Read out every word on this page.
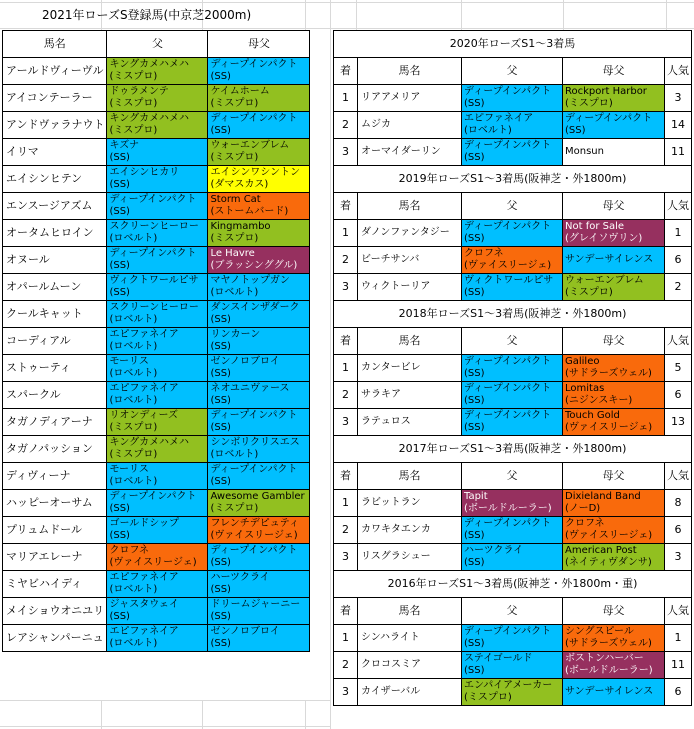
2021年ローズS登録馬(中京芝2000m)
馬名	父	母父
アールドヴィーヴル	キングカメハメハ
(ミスプロ)	ディープインパクト
(SS)

アイコンテーラー	ドゥラメンテ
(ミスプロ)	ケイムホーム
(ミスプロ)

アンドヴァラナウト	キングカメハメハ
(ミスプロ)	ディープインパクト
(SS)

イリマ	キズナ
(SS)	ウォーエンブレム
(ミスプロ)

エイシンヒテン	エイシンヒカリ
(SS)	エイシンワシントン
(ダマスカス)

エンスージアズム	ディープインパクト
(SS)	Storm Cat
(ストームバード)

オータムヒロイン	スクリーンヒーロー
(ロベルト)	Kingmambo
(ミスプロ)

オヌール	ディープインパクト
(SS)	Le Havre
(ブラッシンググル)

オパールムーン	ヴィクトワールピサ
(SS)	マヤノトップガン
(ロベルト)

クールキャット	スクリーンヒーロー
(ロベルト)	ダンスインザダーク
(SS)

コーディアル	エピファネイア
(ロベルト)	リンカーン
(SS)

ストゥーティ	モーリス
(ロベルト)	ゼンノロブロイ
(SS)

スパークル	エピファネイア
(ロベルト)	ネオユニヴァース
(SS)

タガノディアーナ	リオンディーズ
(ミスプロ)	ディープインパクト
(SS)

タガノパッション	キングカメハメハ
(ミスプロ)	シンボリクリスエス
(ロベルト)

ディヴィーナ	モーリス
(ロベルト)	ディープインパクト
(SS)

ハッピーオーサム	ディープインパクト
(SS)	Awesome Gambler
(ミスプロ)

プリュムドール	ゴールドシップ
(SS)	フレンチデピュティ
(ヴァイスリージェ)

マリアエレーナ	クロフネ
(ヴァイスリージェ)	ディープインパクト
(SS)

ミヤビハイディ	エピファネイア
(ロベルト)	ハーツクライ
(SS)

メイショウオニユリ	ジャスタウェイ
(SS)	ドリームジャーニー
(SS)

レアシャンパーニュ	エピファネイア
(ロベルト)	ゼンノロブロイ
(SS)
2020年ローズS1～3着馬				
着	馬名	父	母父	人気
1	リアアメリア	ディープインパクト
(SS)	Rockport Harbor
(ミスプロ)	3
2	ムジカ	エピファネイア
(ロベルト)	ディープインパクト
(SS)	14
3	オーマイダーリン	ディープインパクト
(SS)	Monsun	11
2019年ローズS1～3着馬(阪神芝・外1800m)				
着	馬名	父	母父	人気
1	ダノンファンタジー	ディープインパクト
(SS)	Not for Sale
(グレイソヴリン)	1
2	ビーチサンバ	クロフネ
(ヴァイスリージェ)	サンデーサイレンス	6
3	ウィクトーリア	ヴィクトワールピサ
(SS)	ウォーエンブレム
(ミスプロ)	2
2018年ローズS1～3着馬(阪神芝・外1800m)				
着	馬名	父	母父	人気
1	カンタービレ	ディープインパクト
(SS)	Galileo
(サドラーズウェル)	5
2	サラキア	ディープインパクト
(SS)	Lomitas
(ニジンスキー)	6
3	ラテュロス	ディープインパクト
(SS)	Touch Gold
(ヴァイスリージェ)	13
2017年ローズS1～3着馬(阪神芝・外1800m)				
着	馬名	父	母父	人気
1	ラビットラン	Tapit
(ボールドルーラー)	Dixieland Band
(ノーD)	8
2	カワキタエンカ	ディープインパクト
(SS)	クロフネ
(ヴァイスリージェ)	6
3	リスグラシュー	ハーツクライ
(SS)	American Post
(ネイティヴダンサ)	3
2016年ローズS1～3着馬(阪神芝・外1800m・重)				
着	馬名	父	母父	人気
1	シンハライト	ディープインパクト
(SS)	シングスピール
(サドラーズウェル)	1
2	クロコスミア	ステイゴールド
(SS)	ボストンハーバー
(ボールドルーラー)	11
3	カイザーバル	エンパイアメーカー
(ミスプロ)	サンデーサイレンス	6
